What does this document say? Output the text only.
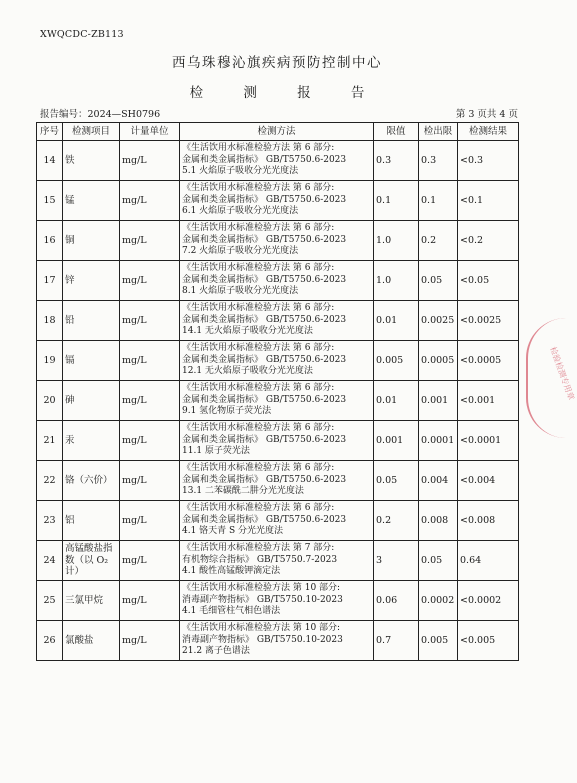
XWQCDC-ZB113
西乌珠穆沁旗疾病预防控制中心
检 测 报 告
报告编号：2024—SH0796	第 3 页共 4 页
序号	检测项目	计量单位	检测方法	限值	检出限	检测结果
14	铁	mg/L	《生活饮用水标准检验方法 第 6 部分:
金属和类金属指标》 GB/T5750.6-2023
5.1 火焰原子吸收分光光度法	0.3	0.3	<0.3
15	锰	mg/L	《生活饮用水标准检验方法 第 6 部分:
金属和类金属指标》 GB/T5750.6-2023
6.1 火焰原子吸收分光光度法	0.1	0.1	<0.1
16	铜	mg/L	《生活饮用水标准检验方法 第 6 部分:
金属和类金属指标》 GB/T5750.6-2023
7.2 火焰原子吸收分光光度法	1.0	0.2	<0.2
17	锌	mg/L	《生活饮用水标准检验方法 第 6 部分:
金属和类金属指标》 GB/T5750.6-2023
8.1 火焰原子吸收分光光度法	1.0	0.05	<0.05
18	铅	mg/L	《生活饮用水标准检验方法 第 6 部分:
金属和类金属指标》 GB/T5750.6-2023
14.1 无火焰原子吸收分光光度法	0.01	0.0025	<0.0025
19	镉	mg/L	《生活饮用水标准检验方法 第 6 部分:
金属和类金属指标》 GB/T5750.6-2023
12.1 无火焰原子吸收分光光度法	0.005	0.0005	<0.0005
20	砷	mg/L	《生活饮用水标准检验方法 第 6 部分:
金属和类金属指标》 GB/T5750.6-2023
9.1 氢化物原子荧光法	0.01	0.001	<0.001
21	汞	mg/L	《生活饮用水标准检验方法 第 6 部分:
金属和类金属指标》 GB/T5750.6-2023
11.1 原子荧光法	0.001	0.0001	<0.0001
22	铬（六价）	mg/L	《生活饮用水标准检验方法 第 6 部分:
金属和类金属指标》 GB/T5750.6-2023
13.1 二苯碳酰二肼分光光度法	0.05	0.004	<0.004
23	铝	mg/L	《生活饮用水标准检验方法 第 6 部分:
金属和类金属指标》 GB/T5750.6-2023
4.1 铬天青 S 分光光度法	0.2	0.008	<0.008
24	高锰酸盐指数（以 O₂计）	mg/L	《生活饮用水标准检验方法 第 7 部分:
有机物综合指标》 GB/T5750.7-2023
4.1 酸性高锰酸钾滴定法	3	0.05	0.64
25	三氯甲烷	mg/L	《生活饮用水标准检验方法 第 10 部分:
消毒副产物指标》 GB/T5750.10-2023
4.1 毛细管柱气相色谱法	0.06	0.0002	<0.0002
26	氯酸盐	mg/L	《生活饮用水标准检验方法 第 10 部分:
消毒副产物指标》 GB/T5750.10-2023
21.2 离子色谱法	0.7	0.005	<0.005
检验检测专用章
